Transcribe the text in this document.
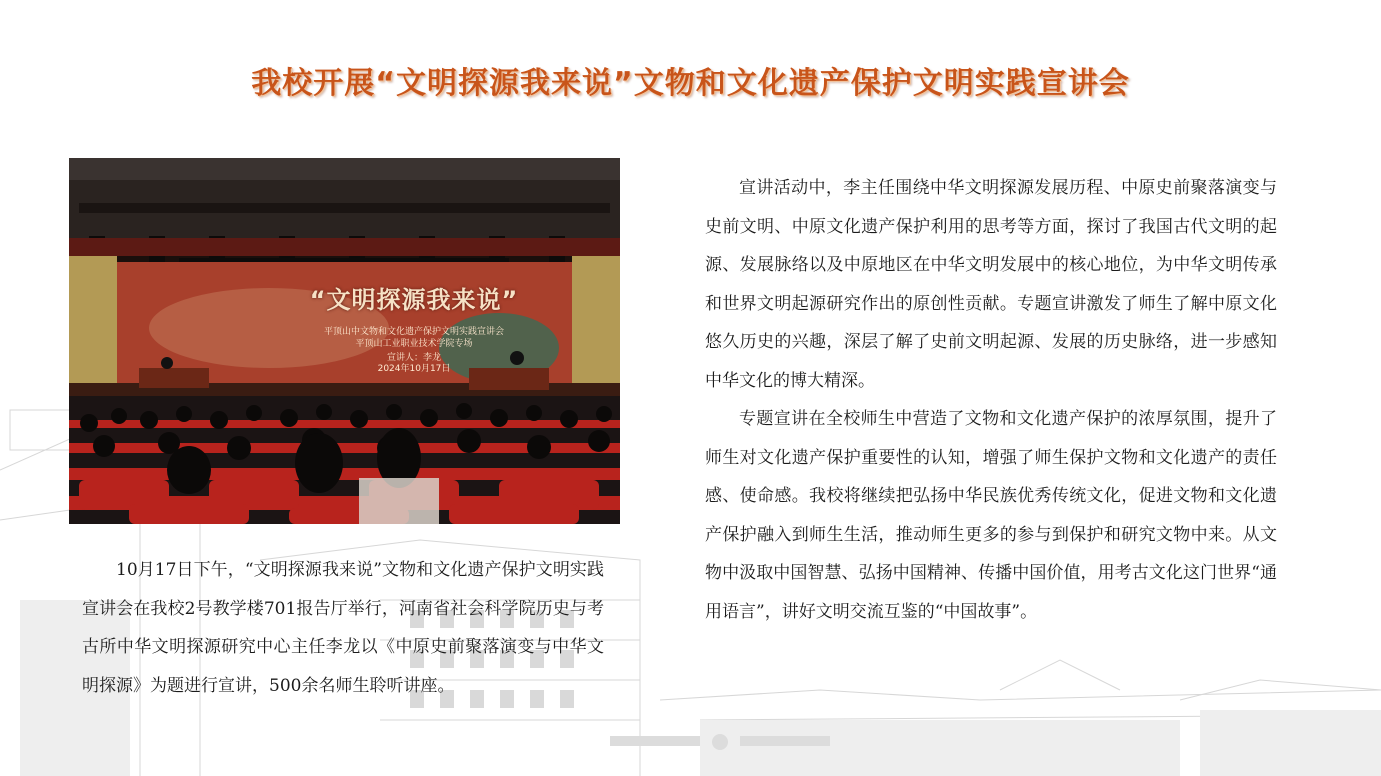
我校开展“文明探源我来说”文物和文化遗产保护文明实践宣讲会
“文明探源我来说”
平顶山中文物和文化遗产保护文明实践宣讲会
平顶山工业职业技术学院专场
宣讲人：李龙
2024年10月17日

10月17日下午，“文明探源我来说”文物和文化遗产保护文明实践宣讲会在我校2号教学楼701报告厅举行，河南省社会科学院历史与考古所中华文明探源研究中心主任李龙以《中原史前聚落演变与中华文明探源》为题进行宣讲，500余名师生聆听讲座。

宣讲活动中，李主任围绕中华文明探源发展历程、中原史前聚落演变与史前文明、中原文化遗产保护利用的思考等方面，探讨了我国古代文明的起源、发展脉络以及中原地区在中华文明发展中的核心地位，为中华文明传承和世界文明起源研究作出的原创性贡献。专题宣讲激发了师生了解中原文化悠久历史的兴趣，深层了解了史前文明起源、发展的历史脉络，进一步感知中华文化的博大精深。

专题宣讲在全校师生中营造了文物和文化遗产保护的浓厚氛围，提升了师生对文化遗产保护重要性的认知，增强了师生保护文物和文化遗产的责任感、使命感。我校将继续把弘扬中华民族优秀传统文化，促进文物和文化遗产保护融入到师生生活，推动师生更多的参与到保护和研究文物中来。从文物中汲取中国智慧、弘扬中国精神、传播中国价值，用考古文化这门世界“通用语言”，讲好文明交流互鉴的“中国故事”。
